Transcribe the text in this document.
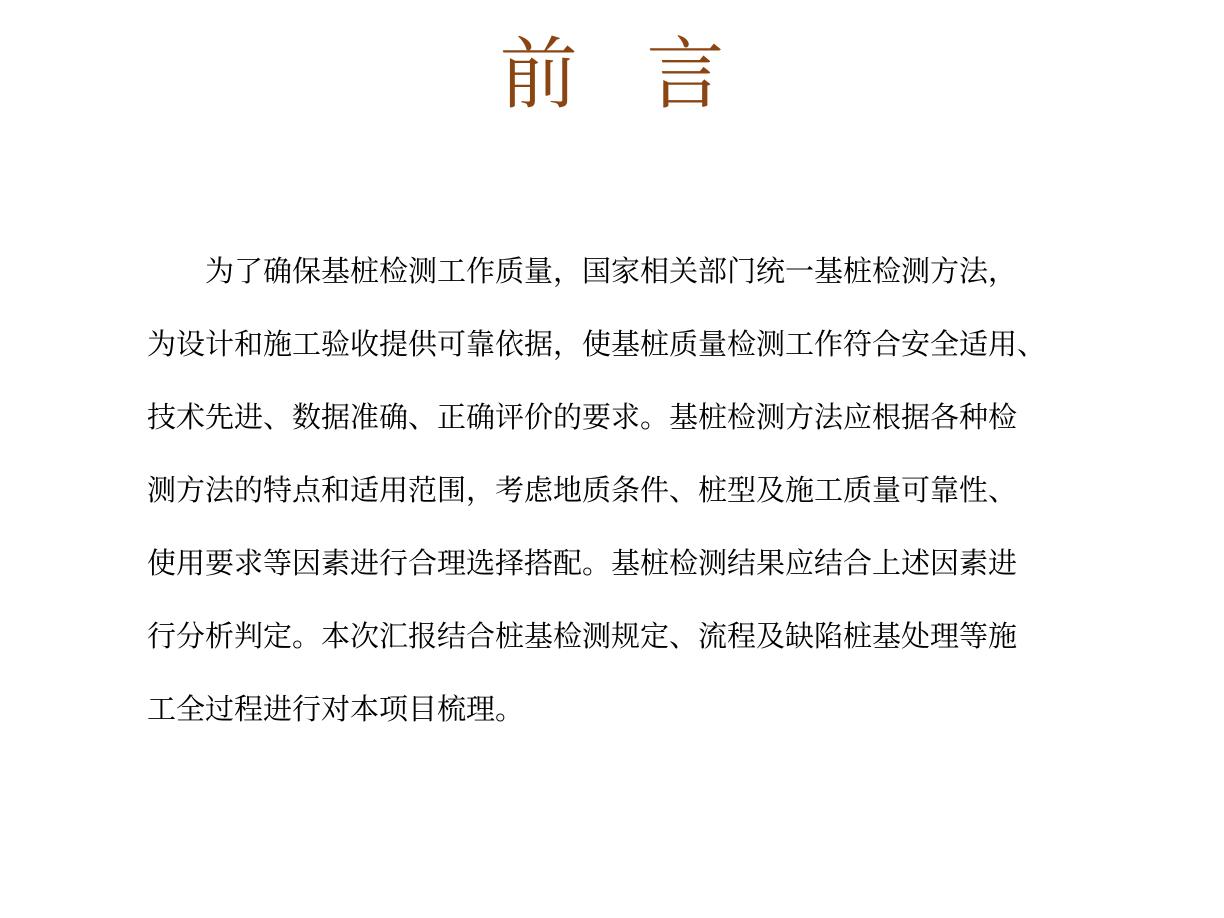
前 言
为了确保基桩检测工作质量，国家相关部门统一基桩检测方法，
为设计和施工验收提供可靠依据，使基桩质量检测工作符合安全适用、
技术先进、数据准确、正确评价的要求。基桩检测方法应根据各种检
测方法的特点和适用范围，考虑地质条件、桩型及施工质量可靠性、
使用要求等因素进行合理选择搭配。基桩检测结果应结合上述因素进
行分析判定。本次汇报结合桩基检测规定、流程及缺陷桩基处理等施
工全过程进行对本项目梳理。
